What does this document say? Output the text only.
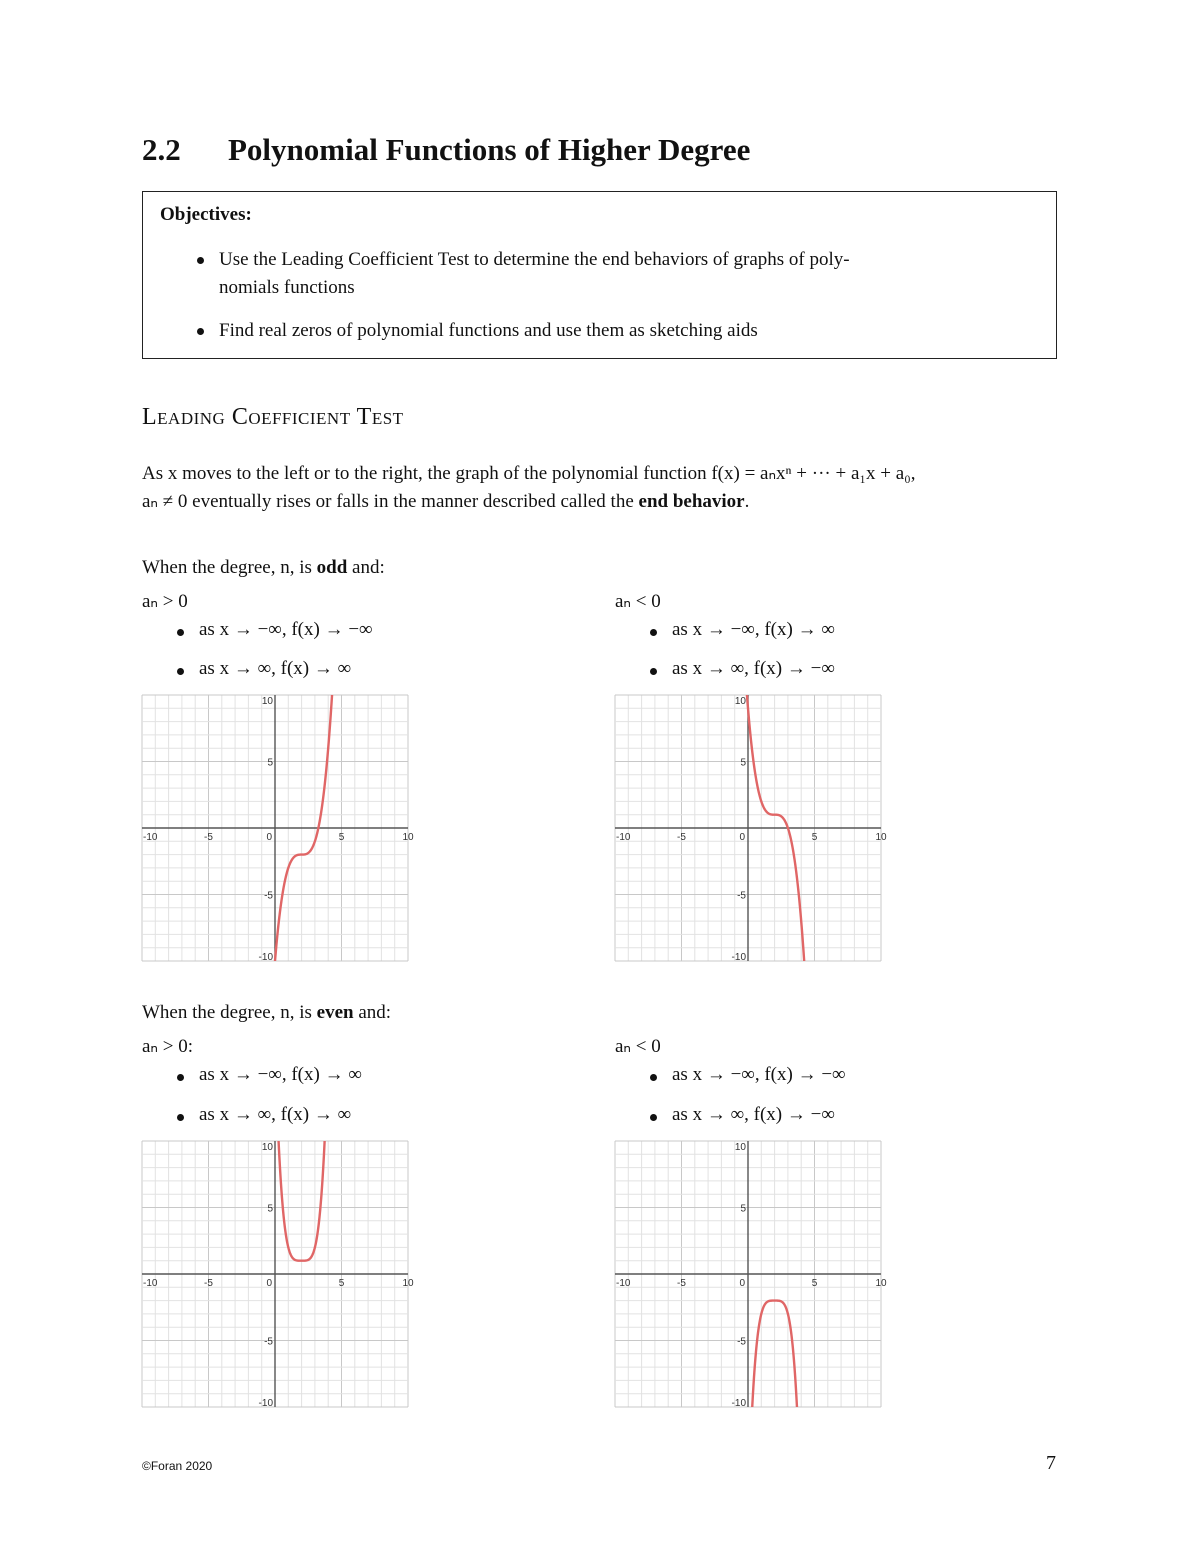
2.2 Polynomial Functions of Higher Degree
Objectives:
Use the Leading Coefficient Test to determine the end behaviors of graphs of poly-
nomials functions
Find real zeros of polynomial functions and use them as sketching aids
Leading Coefficient Test
As x moves to the left or to the right, the graph of the polynomial function f(x) = aₙxⁿ + ··· + a₁x + a₀,
aₙ ≠ 0 eventually rises or falls in the manner described called the end behavior.
When the degree, n, is odd and:
aₙ > 0
as x → −∞, f(x) → −∞
as x → ∞, f(x) → ∞
aₙ < 0
as x → −∞, f(x) → ∞
as x → ∞, f(x) → −∞
-10	-5	0	5	10
10
5
-5
-10
-10	-5	0	5	10
10
5
-5
-10
When the degree, n, is even and:
aₙ > 0:
as x → −∞, f(x) → ∞
as x → ∞, f(x) → ∞
aₙ < 0
as x → −∞, f(x) → −∞
as x → ∞, f(x) → −∞
-10	-5	0	5	10
10
5
-5
-10
-10	-5	0	5	10
10
5
-5
-10
©Foran 2020	7
